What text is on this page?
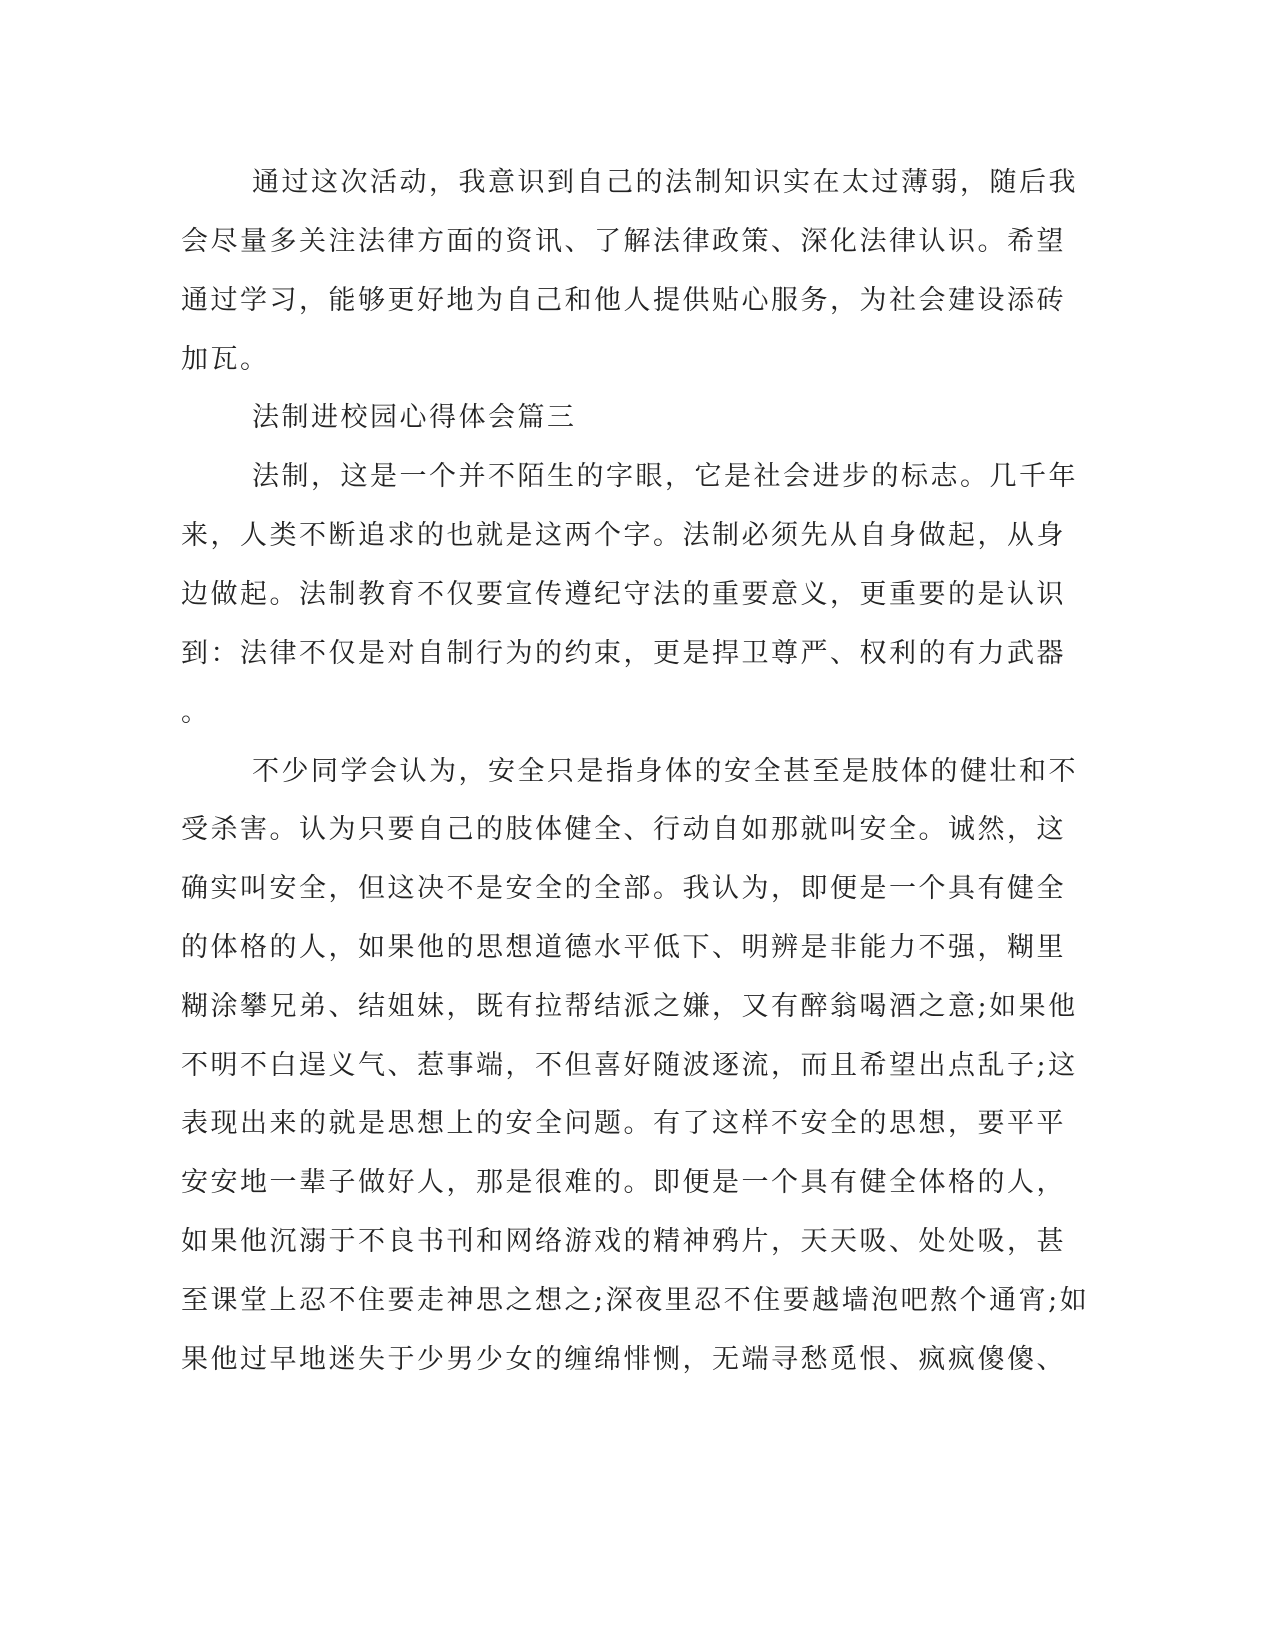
通过这次活动，我意识到自己的法制知识实在太过薄弱，随后我
会尽量多关注法律方面的资讯、了解法律政策、深化法律认识。希望
通过学习，能够更好地为自己和他人提供贴心服务，为社会建设添砖
加瓦。
法制进校园心得体会篇三
法制，这是一个并不陌生的字眼，它是社会进步的标志。几千年
来，人类不断追求的也就是这两个字。法制必须先从自身做起，从身
边做起。法制教育不仅要宣传遵纪守法的重要意义，更重要的是认识
到：法律不仅是对自制行为的约束，更是捍卫尊严、权利的有力武器
。
不少同学会认为，安全只是指身体的安全甚至是肢体的健壮和不
受杀害。认为只要自己的肢体健全、行动自如那就叫安全。诚然，这
确实叫安全，但这决不是安全的全部。我认为，即便是一个具有健全
的体格的人，如果他的思想道德水平低下、明辨是非能力不强，糊里
糊涂攀兄弟、结姐妹，既有拉帮结派之嫌，又有醉翁喝酒之意;如果他
不明不白逞义气、惹事端，不但喜好随波逐流，而且希望出点乱子;这
表现出来的就是思想上的安全问题。有了这样不安全的思想，要平平
安安地一辈子做好人，那是很难的。即便是一个具有健全体格的人，
如果他沉溺于不良书刊和网络游戏的精神鸦片，天天吸、处处吸，甚
至课堂上忍不住要走神思之想之;深夜里忍不住要越墙泡吧熬个通宵;如
果他过早地迷失于少男少女的缠绵悱恻，无端寻愁觅恨、疯疯傻傻、
